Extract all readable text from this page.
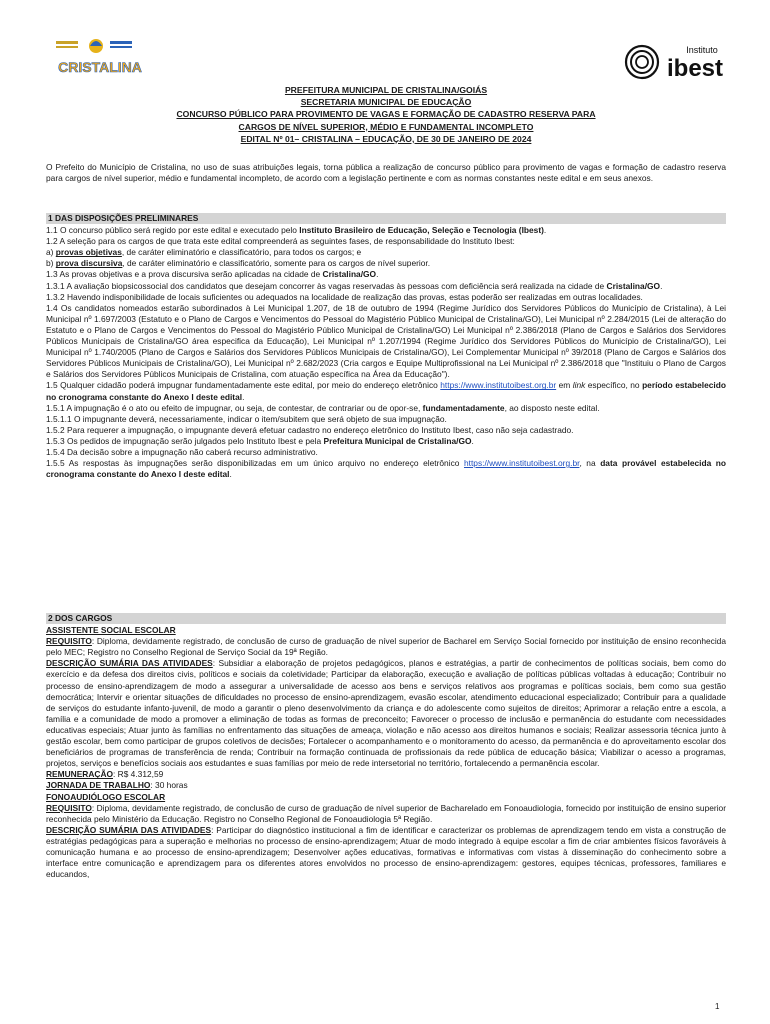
CRISTALINA
Instituto
ibest
PREFEITURA MUNICIPAL DE CRISTALINA/GOIÁS
SECRETARIA MUNICIPAL DE EDUCAÇÃO
CONCURSO PÚBLICO PARA PROVIMENTO DE VAGAS E FORMAÇÃO DE CADASTRO RESERVA PARA
CARGOS DE NÍVEL SUPERIOR, MÉDIO E FUNDAMENTAL INCOMPLETO
EDITAL Nº 01– CRISTALINA – EDUCAÇÃO, DE 30 DE JANEIRO DE 2024
O Prefeito do Município de Cristalina, no uso de suas atribuições legais, torna pública a realização de concurso público para provimento de vagas e formação de cadastro reserva para cargos de nível superior, médio e fundamental incompleto, de acordo com a legislação pertinente e com as normas constantes neste edital e em seus anexos.
1 DAS DISPOSIÇÕES PRELIMINARES

1.1 O concurso público será regido por este edital e executado pelo Instituto Brasileiro de Educação, Seleção e Tecnologia (Ibest).

1.2 A seleção para os cargos de que trata este edital compreenderá as seguintes fases, de responsabilidade do Instituto Ibest:

a) provas objetivas, de caráter eliminatório e classificatório, para todos os cargos; e

b) prova discursiva, de caráter eliminatório e classificatório, somente para os cargos de nível superior.

1.3 As provas objetivas e a prova discursiva serão aplicadas na cidade de Cristalina/GO.

1.3.1 A avaliação biopsicossocial dos candidatos que desejam concorrer às vagas reservadas às pessoas com deficiência será realizada na cidade de Cristalina/GO.

1.3.2 Havendo indisponibilidade de locais suficientes ou adequados na localidade de realização das provas, estas poderão ser realizadas em outras localidades.

1.4 Os candidatos nomeados estarão subordinados à Lei Municipal 1.207, de 18 de outubro de 1994 (Regime Jurídico dos Servidores Públicos do Município de Cristalina), à Lei Municipal nº 1.697/2003 (Estatuto e o Plano de Cargos e Vencimentos do Pessoal do Magistério Público Municipal de Cristalina/GO), Lei Municipal nº 2.284/2015 (Lei de alteração do Estatuto e o Plano de Cargos e Vencimentos do Pessoal do Magistério Público Municipal de Cristalina/GO) Lei Municipal nº 2.386/2018 (Plano de Cargos e Salários dos Servidores Públicos Municipais de Cristalina/GO área especifica da Educação), Lei Municipal nº 1.207/1994 (Regime Jurídico dos Servidores Públicos do Município de Cristalina/GO), Lei Municipal nº 1.740/2005 (Plano de Cargos e Salários dos Servidores Públicos Municipais de Cristalina/GO), Lei Complementar Municipal nº 39/2018 (Plano de Cargos e Salários dos Servidores Públicos Municipais de Cristalina/GO), Lei Municipal nº 2.682/2023 (Cria cargos e Equipe Multiprofissional na Lei Municipal nº 2.386/2018 que "Instituiu o Plano de Cargos e Salários dos Servidores Públicos Municipais de Cristalina, com atuação específica na Área da Educação").

1.5 Qualquer cidadão poderá impugnar fundamentadamente este edital, por meio do endereço eletrônico https://www.institutoibest.org.br em link específico, no período estabelecido no cronograma constante do Anexo I deste edital.

1.5.1 A impugnação é o ato ou efeito de impugnar, ou seja, de contestar, de contrariar ou de opor-se, fundamentadamente, ao disposto neste edital.

1.5.1.1 O impugnante deverá, necessariamente, indicar o item/subitem que será objeto de sua impugnação.

1.5.2 Para requerer a impugnação, o impugnante deverá efetuar cadastro no endereço eletrônico do Instituto Ibest, caso não seja cadastrado.

1.5.3 Os pedidos de impugnação serão julgados pelo Instituto Ibest e pela Prefeitura Municipal de Cristalina/GO.

1.5.4 Da decisão sobre a impugnação não caberá recurso administrativo.

1.5.5 As respostas às impugnações serão disponibilizadas em um único arquivo no endereço eletrônico https://www.institutoibest.org.br, na data provável estabelecida no cronograma constante do Anexo I deste edital.

2 DOS CARGOS

ASSISTENTE SOCIAL ESCOLAR

REQUISITO: Diploma, devidamente registrado, de conclusão de curso de graduação de nível superior de Bacharel em Serviço Social fornecido por instituição de ensino reconhecida pelo MEC; Registro no Conselho Regional de Serviço Social da 19ª Região.

DESCRIÇÃO SUMÁRIA DAS ATIVIDADES: Subsidiar a elaboração de projetos pedagógicos, planos e estratégias, a partir de conhecimentos de políticas sociais, bem como do exercício e da defesa dos direitos civis, políticos e sociais da coletividade; Participar da elaboração, execução e avaliação de políticas públicas voltadas à educação; Contribuir no processo de ensino-aprendizagem de modo a assegurar a universalidade de acesso aos bens e serviços relativos aos programas e políticas sociais, bem como sua gestão democrática; Intervir e orientar situações de dificuldades no processo de ensino-aprendizagem, evasão escolar, atendimento educacional especializado; Contribuir para a qualidade de serviços do estudante infanto-juvenil, de modo a garantir o pleno desenvolvimento da criança e do adolescente como sujeitos de direitos; Aprimorar a relação entre a escola, a família e a comunidade de modo a promover a eliminação de todas as formas de preconceito; Favorecer o processo de inclusão e permanência do estudante com necessidades educativas especiais; Atuar junto às famílias no enfrentamento das situações de ameaça, violação e não acesso aos direitos humanos e sociais; Realizar assessoria técnica junto à gestão escolar, bem como participar de grupos coletivos de decisões; Fortalecer o acompanhamento e o monitoramento do acesso, da permanência e do aproveitamento escolar dos beneficiários de programas de transferência de renda; Contribuir na formação continuada de profissionais da rede pública de educação básica; Viabilizar o acesso a programas, projetos, serviços e benefícios sociais aos estudantes e suas famílias por meio de rede intersetorial no território, fortalecendo a permanência escolar.

REMUNERAÇÃO: R$ 4.312,59

JORNADA DE TRABALHO: 30 horas

FONOAUDIÓLOGO ESCOLAR

REQUISITO: Diploma, devidamente registrado, de conclusão de curso de graduação de nível superior de Bacharelado em Fonoaudiologia, fornecido por instituição de ensino superior reconhecida pelo Ministério da Educação. Registro no Conselho Regional de Fonoaudiologia 5ª Região.

DESCRIÇÃO SUMÁRIA DAS ATIVIDADES: Participar do diagnóstico institucional a fim de identificar e caracterizar os problemas de aprendizagem tendo em vista a construção de estratégias pedagógicas para a superação e melhorias no processo de ensino-aprendizagem; Atuar de modo integrado à equipe escolar a fim de criar ambientes físicos favoráveis à comunicação humana e ao processo de ensino-aprendizagem; Desenvolver ações educativas, formativas e informativas com vistas à disseminação do conhecimento sobre a interface entre comunicação e aprendizagem para os diferentes atores envolvidos no processo de ensino-aprendizagem: gestores, equipes técnicas, professores, familiares e educandos,

1
